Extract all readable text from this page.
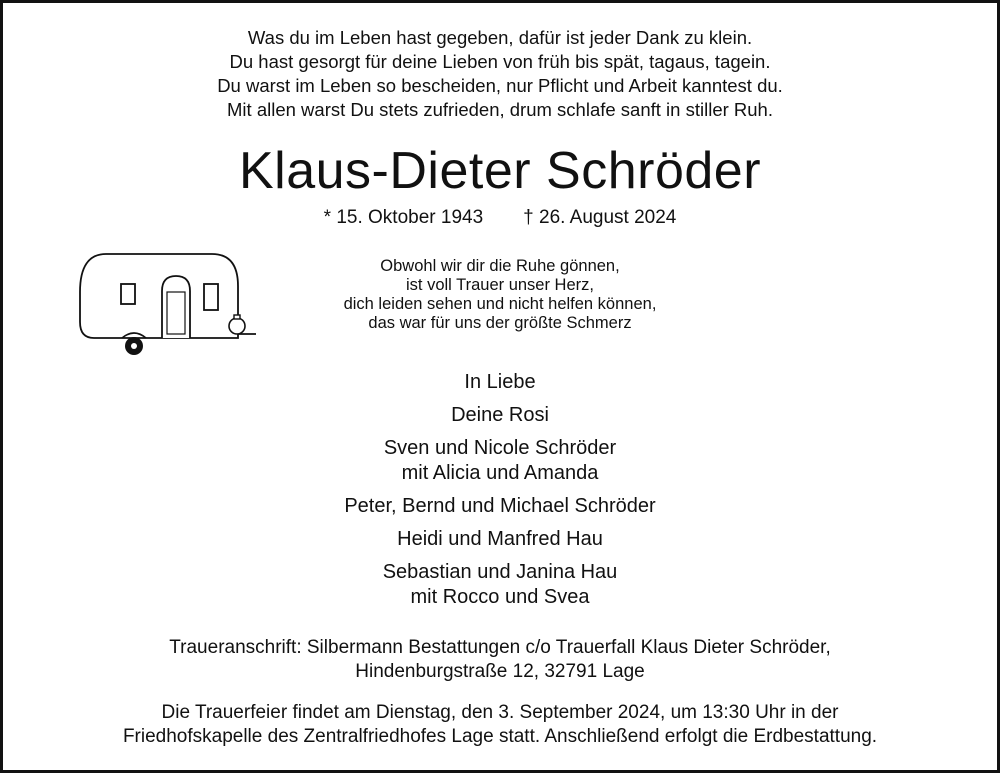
Was du im Leben hast gegeben, dafür ist jeder Dank zu klein.
Du hast gesorgt für deine Lieben von früh bis spät, tagaus, tagein.
Du warst im Leben so bescheiden, nur Pflicht und Arbeit kanntest du.
Mit allen warst Du stets zufrieden, drum schlafe sanft in stiller Ruh.
Klaus-Dieter Schröder
* 15. Oktober 1943 † 26. August 2024
Obwohl wir dir die Ruhe gönnen,
ist voll Trauer unser Herz,
dich leiden sehen und nicht helfen können,
das war für uns der größte Schmerz
In Liebe
Deine Rosi
Sven und Nicole Schröder
mit Alicia und Amanda
Peter, Bernd und Michael Schröder
Heidi und Manfred Hau
Sebastian und Janina Hau
mit Rocco und Svea
Traueranschrift: Silbermann Bestattungen c/o Trauerfall Klaus Dieter Schröder,
Hindenburgstraße 12, 32791 Lage
Die Trauerfeier findet am Dienstag, den 3. September 2024, um 13:30 Uhr in der
Friedhofskapelle des Zentralfriedhofes Lage statt. Anschließend erfolgt die Erdbestattung.
